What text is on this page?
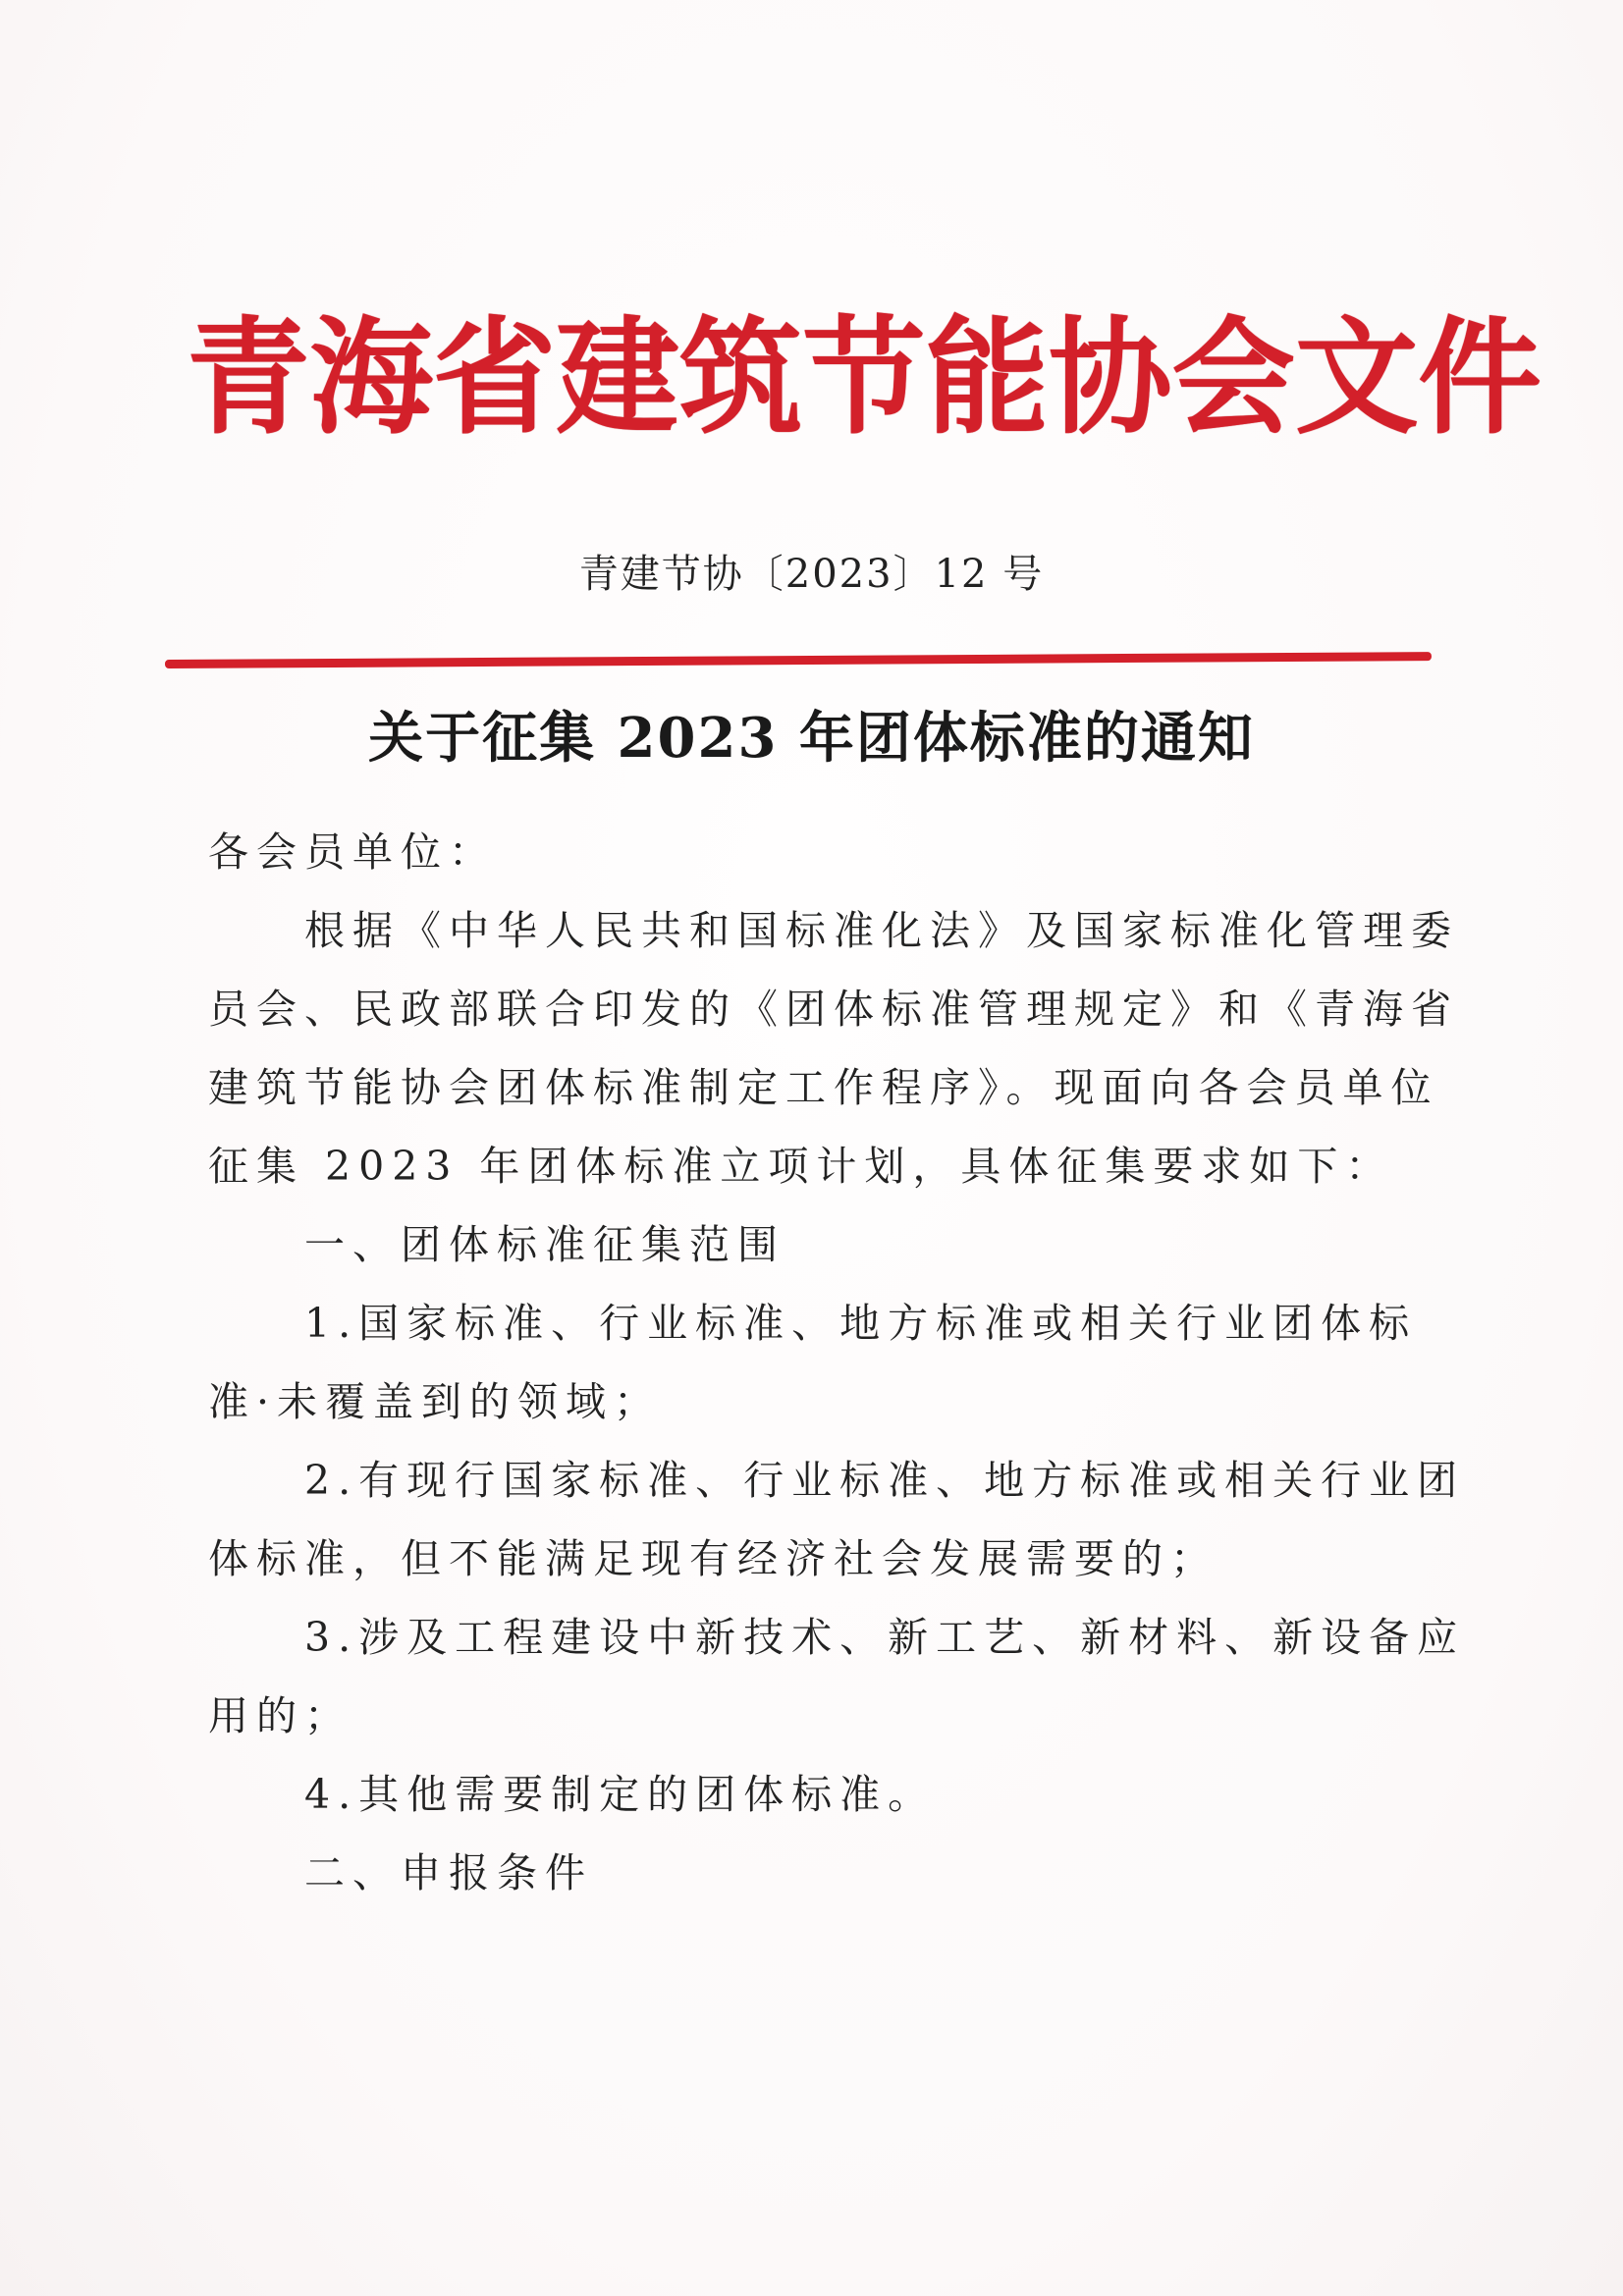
青海省建筑节能协会文件
青建节协〔2023〕12 号
关于征集 2023 年团体标准的通知
各会员单位：
根据《中华人民共和国标准化法》及国家标准化管理委
员会、民政部联合印发的《团体标准管理规定》和《青海省
建筑节能协会团体标准制定工作程序》。现面向各会员单位
征集 2023 年团体标准立项计划，具体征集要求如下：
一、团体标准征集范围
1.国家标准、行业标准、地方标准或相关行业团体标
准·未覆盖到的领域；
2.有现行国家标准、行业标准、地方标准或相关行业团
体标准，但不能满足现有经济社会发展需要的；
3.涉及工程建设中新技术、新工艺、新材料、新设备应
用的；
4.其他需要制定的团体标准。
二、申报条件
